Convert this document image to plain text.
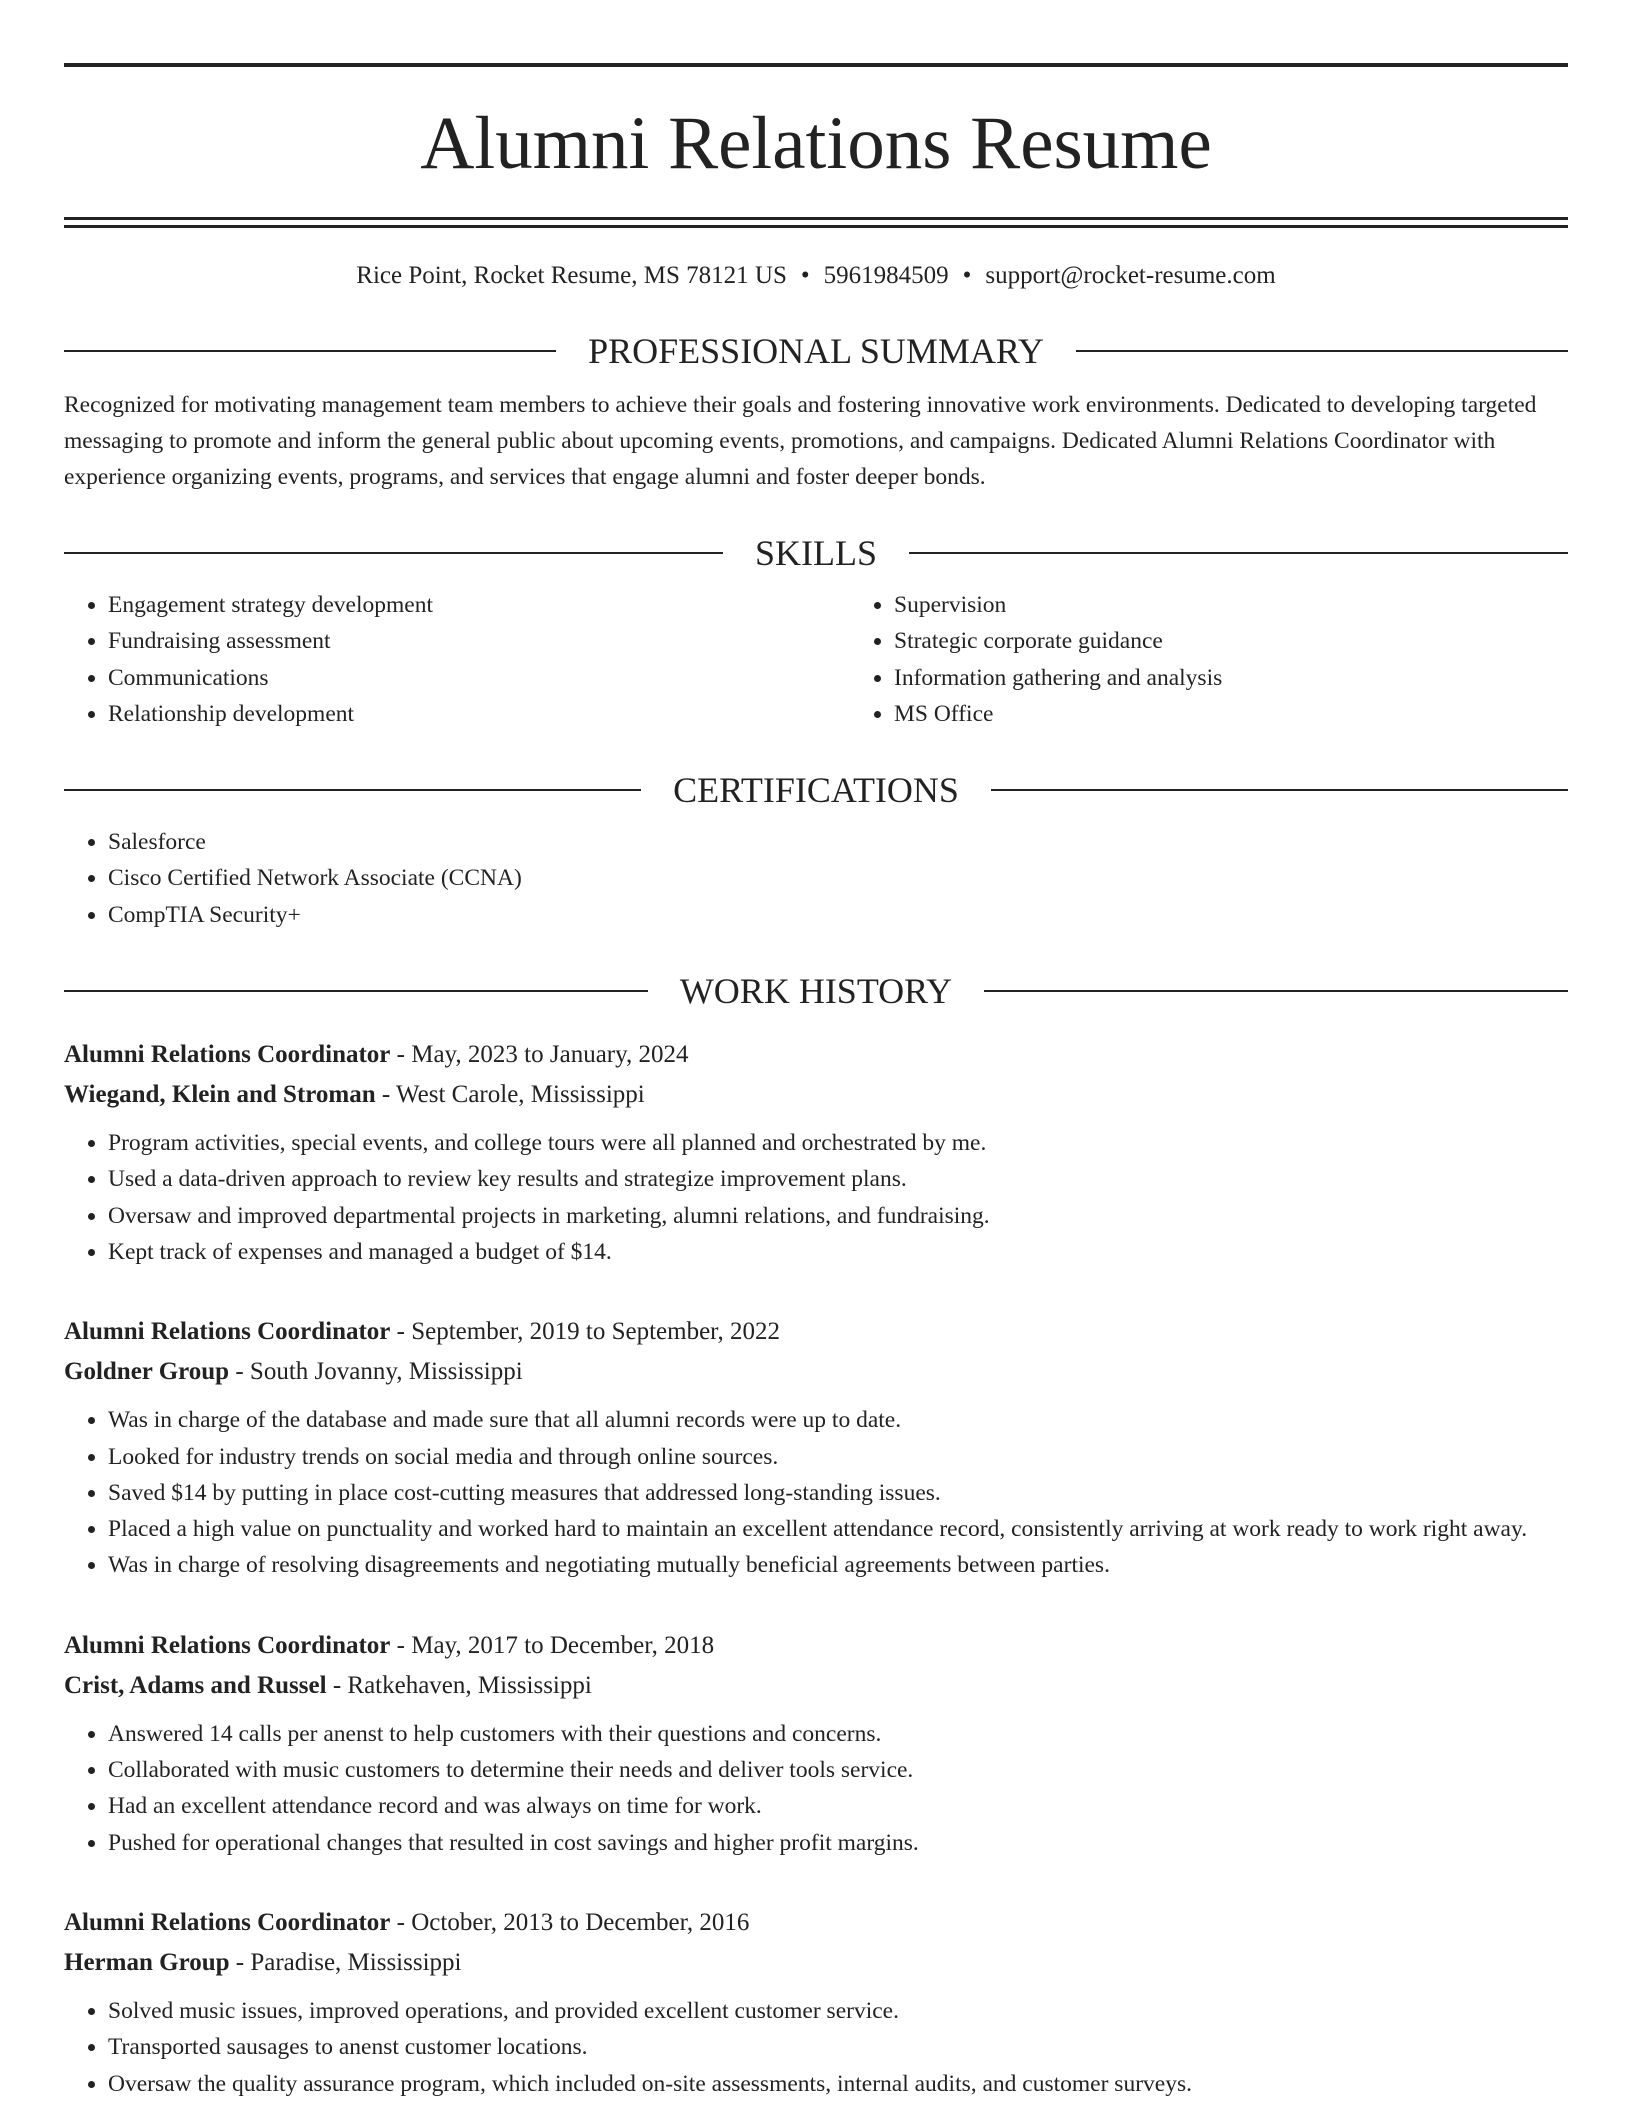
Alumni Relations Resume
Rice Point, Rocket Resume, MS 78121 US • 5961984509 • support@rocket-resume.com
PROFESSIONAL SUMMARY
Recognized for motivating management team members to achieve their goals and fostering innovative work environments. Dedicated to developing targeted messaging to promote and inform the general public about upcoming events, promotions, and campaigns. Dedicated Alumni Relations Coordinator with experience organizing events, programs, and services that engage alumni and foster deeper bonds.
SKILLS
• Engagement strategy development
• Fundraising assessment
• Communications
• Relationship development
• Supervision
• Strategic corporate guidance
• Information gathering and analysis
• MS Office
CERTIFICATIONS
• Salesforce
• Cisco Certified Network Associate (CCNA)
• CompTIA Security+
WORK HISTORY
Alumni Relations Coordinator - May, 2023 to January, 2024
Wiegand, Klein and Stroman - West Carole, Mississippi
• Program activities, special events, and college tours were all planned and orchestrated by me.
• Used a data-driven approach to review key results and strategize improvement plans.
• Oversaw and improved departmental projects in marketing, alumni relations, and fundraising.
• Kept track of expenses and managed a budget of $14.
Alumni Relations Coordinator - September, 2019 to September, 2022
Goldner Group - South Jovanny, Mississippi
• Was in charge of the database and made sure that all alumni records were up to date.
• Looked for industry trends on social media and through online sources.
• Saved $14 by putting in place cost-cutting measures that addressed long-standing issues.
• Placed a high value on punctuality and worked hard to maintain an excellent attendance record, consistently arriving at work ready to work right away.
• Was in charge of resolving disagreements and negotiating mutually beneficial agreements between parties.
Alumni Relations Coordinator - May, 2017 to December, 2018
Crist, Adams and Russel - Ratkehaven, Mississippi
• Answered 14 calls per anenst to help customers with their questions and concerns.
• Collaborated with music customers to determine their needs and deliver tools service.
• Had an excellent attendance record and was always on time for work.
• Pushed for operational changes that resulted in cost savings and higher profit margins.
Alumni Relations Coordinator - October, 2013 to December, 2016
Herman Group - Paradise, Mississippi
• Solved music issues, improved operations, and provided excellent customer service.
• Transported sausages to anenst customer locations.
• Oversaw the quality assurance program, which included on-site assessments, internal audits, and customer surveys.
